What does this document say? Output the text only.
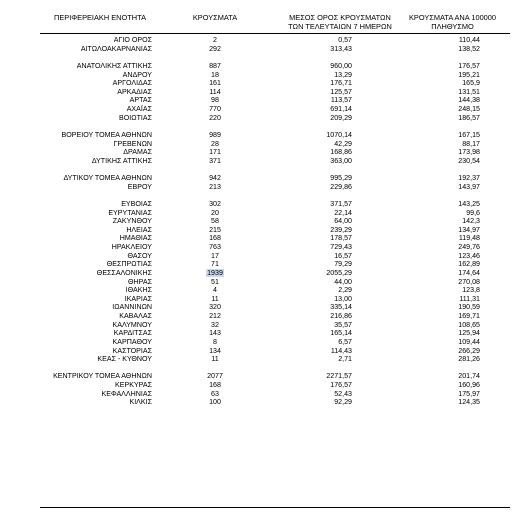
ΠΕΡΙΦΕΡΕΙΑΚΗ ΕΝΟΤΗΤΑ	ΚΡΟΥΣΜΑΤΑ	ΜΕΣΟΣ ΟΡΟΣ ΚΡΟΥΣΜΑΤΩΝ
ΤΩΝ ΤΕΛΕΥΤΑΙΩΝ 7 ΗΜΕΡΩΝ
ΚΡΟΥΣΜΑΤΑ ΑΝΑ 100000
ΠΛΗΘΥΣΜΟ
ΑΓΙΟ ΟΡΟΣ	2	0,57	110,44
ΑΙΤΩΛΟΑΚΑΡΝΑΝΙΑΣ	292	313,43	138,52
ΑΝΑΤΟΛΙΚΗΣ ΑΤΤΙΚΗΣ	887	960,00	176,57
ΑΝΔΡΟΥ	18	13,29	195,21
ΑΡΓΟΛΙΔΑΣ	161	176,71	165,9
ΑΡΚΑΔΙΑΣ	114	125,57	131,51
ΑΡΤΑΣ	98	113,57	144,38
ΑΧΑΪΑΣ	770	691,14	248,15
ΒΟΙΩΤΙΑΣ	220	209,29	186,57
ΒΟΡΕΙΟΥ ΤΟΜΕΑ ΑΘΗΝΩΝ	989	1070,14	167,15
ΓΡΕΒΕΝΩΝ	28	42,29	88,17
ΔΡΑΜΑΣ	171	168,86	173,98
ΔΥΤΙΚΗΣ ΑΤΤΙΚΗΣ	371	363,00	230,54
ΔΥΤΙΚΟΥ ΤΟΜΕΑ ΑΘΗΝΩΝ	942	995,29	192,37
ΕΒΡΟΥ	213	229,86	143,97
ΕΥΒΟΙΑΣ	302	371,57	143,25
ΕΥΡΥΤΑΝΙΑΣ	20	22,14	99,6
ΖΑΚΥΝΘΟΥ	58	64,00	142,3
ΗΛΕΙΑΣ	215	239,29	134,97
ΗΜΑΘΙΑΣ	168	178,57	119,48
ΗΡΑΚΛΕΙΟΥ	763	729,43	249,76
ΘΑΣΟΥ	17	16,57	123,46
ΘΕΣΠΡΩΤΙΑΣ	71	79,29	162,89
ΘΕΣΣΑΛΟΝΙΚΗΣ	1939	2055,29	174,64
ΘΗΡΑΣ	51	44,00	270,08
ΙΘΑΚΗΣ	4	2,29	123,8
ΙΚΑΡΙΑΣ	11	13,00	111,31
ΙΩΑΝΝΙΝΩΝ	320	335,14	190,59
ΚΑΒΑΛΑΣ	212	216,86	169,71
ΚΑΛΥΜΝΟΥ	32	35,57	108,65
ΚΑΡΔΙΤΣΑΣ	143	165,14	125,94
ΚΑΡΠΑΘΟΥ	8	6,57	109,44
ΚΑΣΤΟΡΙΑΣ	134	114,43	266,29
ΚΕΑΣ - ΚΥΘΝΟΥ	11	2,71	281,26
ΚΕΝΤΡΙΚΟΥ ΤΟΜΕΑ ΑΘΗΝΩΝ	2077	2271,57	201,74
ΚΕΡΚΥΡΑΣ	168	176,57	160,96
ΚΕΦΑΛΛΗΝΙΑΣ	63	52,43	175,97
ΚΙΛΚΙΣ	100	92,29	124,35
